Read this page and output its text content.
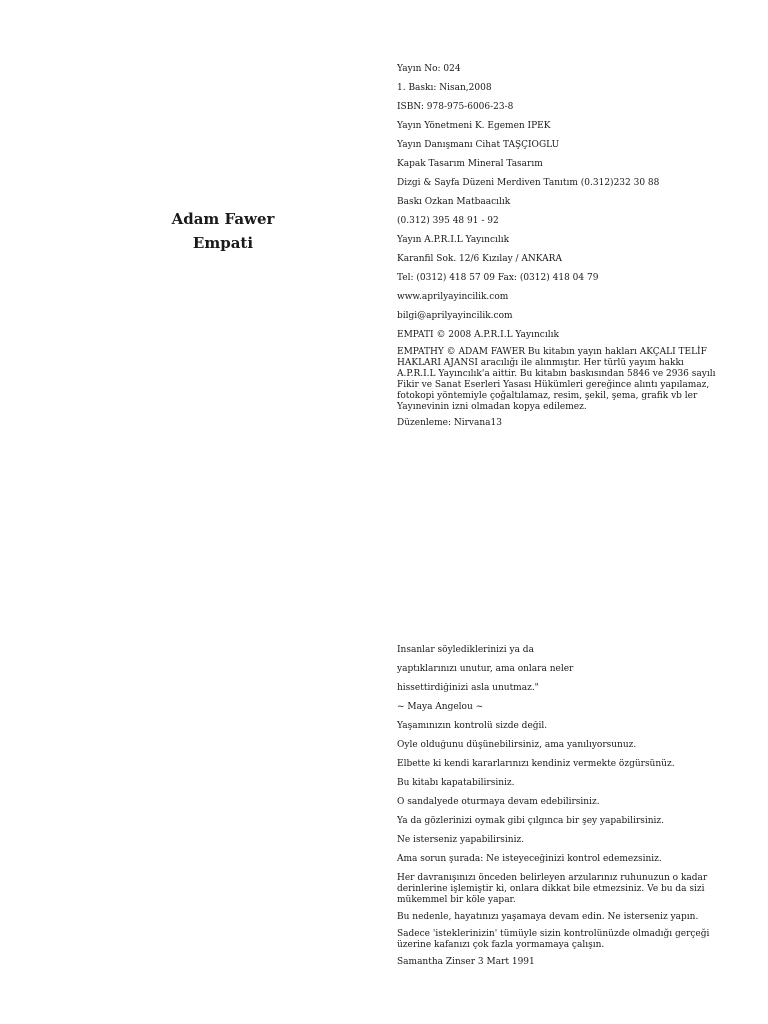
Adam Fawer

Empati

Yayın No: 024
1. Baskı: Nisan,2008
ISBN: 978-975-6006-23-8
Yayın Yönetmeni K. Egemen İPEK
Yayın Danışmanı Cihat TAŞÇIOĞLU
Kapak Tasarım Mineral Tasarım
Dizgi & Sayfa Düzeni Merdiven Tanıtım (0.312)232 30 88
Baskı Özkan Matbaacılık
(0.312) 395 48 91 - 92
Yayın A.P.R.I.L Yayıncılık
Karanfil Sok. 12/6 Kızılay / ANKARA
Tel: (0312) 418 57 09 Fax: (0312) 418 04 79
www.aprilyayincilik.com
bilgi@aprilyayincilik.com
EMPATİ © 2008 A.P.R.I.L Yayıncılık
EMPATHY © ADAM FAWER Bu kitabın yayın hakları AKÇALI TELİF HAKLARI AJANSI aracılığı ile alınmıştır. Her türlü yayım hakkı A.P.R.I.L Yayıncılık'a aittir. Bu kitabın baskısından 5846 ve 2936 sayılı Fikir ve Sanat Eserleri Yasası Hükümleri gereğince alıntı yapılamaz, fotokopi yöntemiyle çoğaltılamaz, resim, şekil, şema, grafik vb ler Yayınevinin izni olmadan kopya edilemez.
Düzenleme: Nirvana13
İnsanlar söylediklerinizi ya da
yaptıklarınızı unutur, ama onlara neler
hissettirdiğinizi asla unutmaz."
~ Maya Angelou ~
Yaşamınızın kontrolü sizde değil.
Öyle olduğunu düşünebilirsiniz, ama yanılıyorsunuz.
Elbette ki kendi kararlarınızı kendiniz vermekte özgürsünüz.
Bu kitabı kapatabilirsiniz.
O sandalyede oturmaya devam edebilirsiniz.
Ya da gözlerinizi oymak gibi çılgınca bir şey yapabilirsiniz.
Ne isterseniz yapabilirsiniz.
Ama sorun şurada: Ne isteyeceğinizi kontrol edemezsiniz.
Her davranışınızı önceden belirleyen arzularınız ruhunuzun o kadar derinlerine işlemiştir ki, onlara dikkat bile etmezsiniz. Ve bu da sizi mükemmel bir köle yapar.
Bu nedenle, hayatınızı yaşamaya devam edin. Ne isterseniz yapın.
Sadece 'isteklerinizin' tümüyle sizin kontrolünüzde olmadığı gerçeği üzerine kafanızı çok fazla yormamaya çalışın.
Samantha Zinser 3 Mart 1991
